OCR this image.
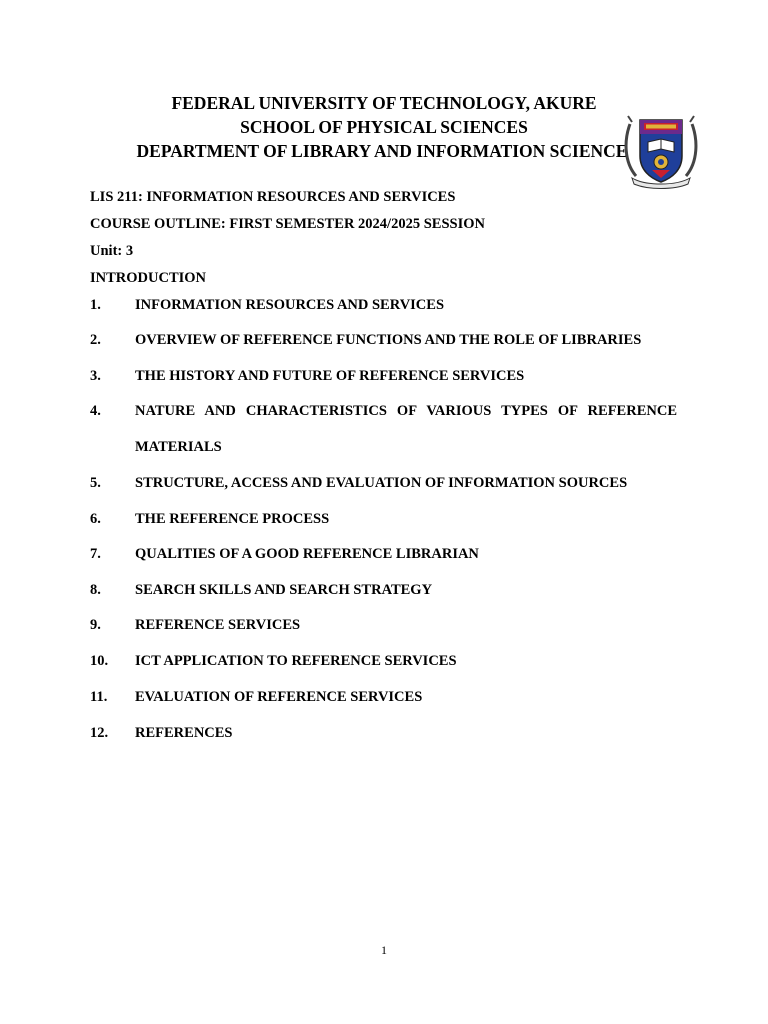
FEDERAL UNIVERSITY OF TECHNOLOGY, AKURE
SCHOOL OF PHYSICAL SCIENCES
DEPARTMENT OF LIBRARY AND INFORMATION SCIENCE
LIS 211: INFORMATION RESOURCES AND SERVICES
COURSE OUTLINE: FIRST SEMESTER 2024/2025 SESSION
Unit: 3
INTRODUCTION
1.	INFORMATION RESOURCES AND SERVICES
2.	OVERVIEW OF REFERENCE FUNCTIONS AND THE ROLE OF LIBRARIES
3.	THE HISTORY AND FUTURE OF REFERENCE SERVICES
4.	NATURE AND CHARACTERISTICS OF VARIOUS TYPES OF REFERENCE MATERIALS
5.	STRUCTURE, ACCESS AND EVALUATION OF INFORMATION SOURCES
6.	THE REFERENCE PROCESS
7.	QUALITIES OF A GOOD REFERENCE LIBRARIAN
8.	SEARCH SKILLS AND SEARCH STRATEGY
9.	REFERENCE SERVICES
10.	ICT APPLICATION TO REFERENCE SERVICES
11.	EVALUATION OF REFERENCE SERVICES
12.	REFERENCES
1
